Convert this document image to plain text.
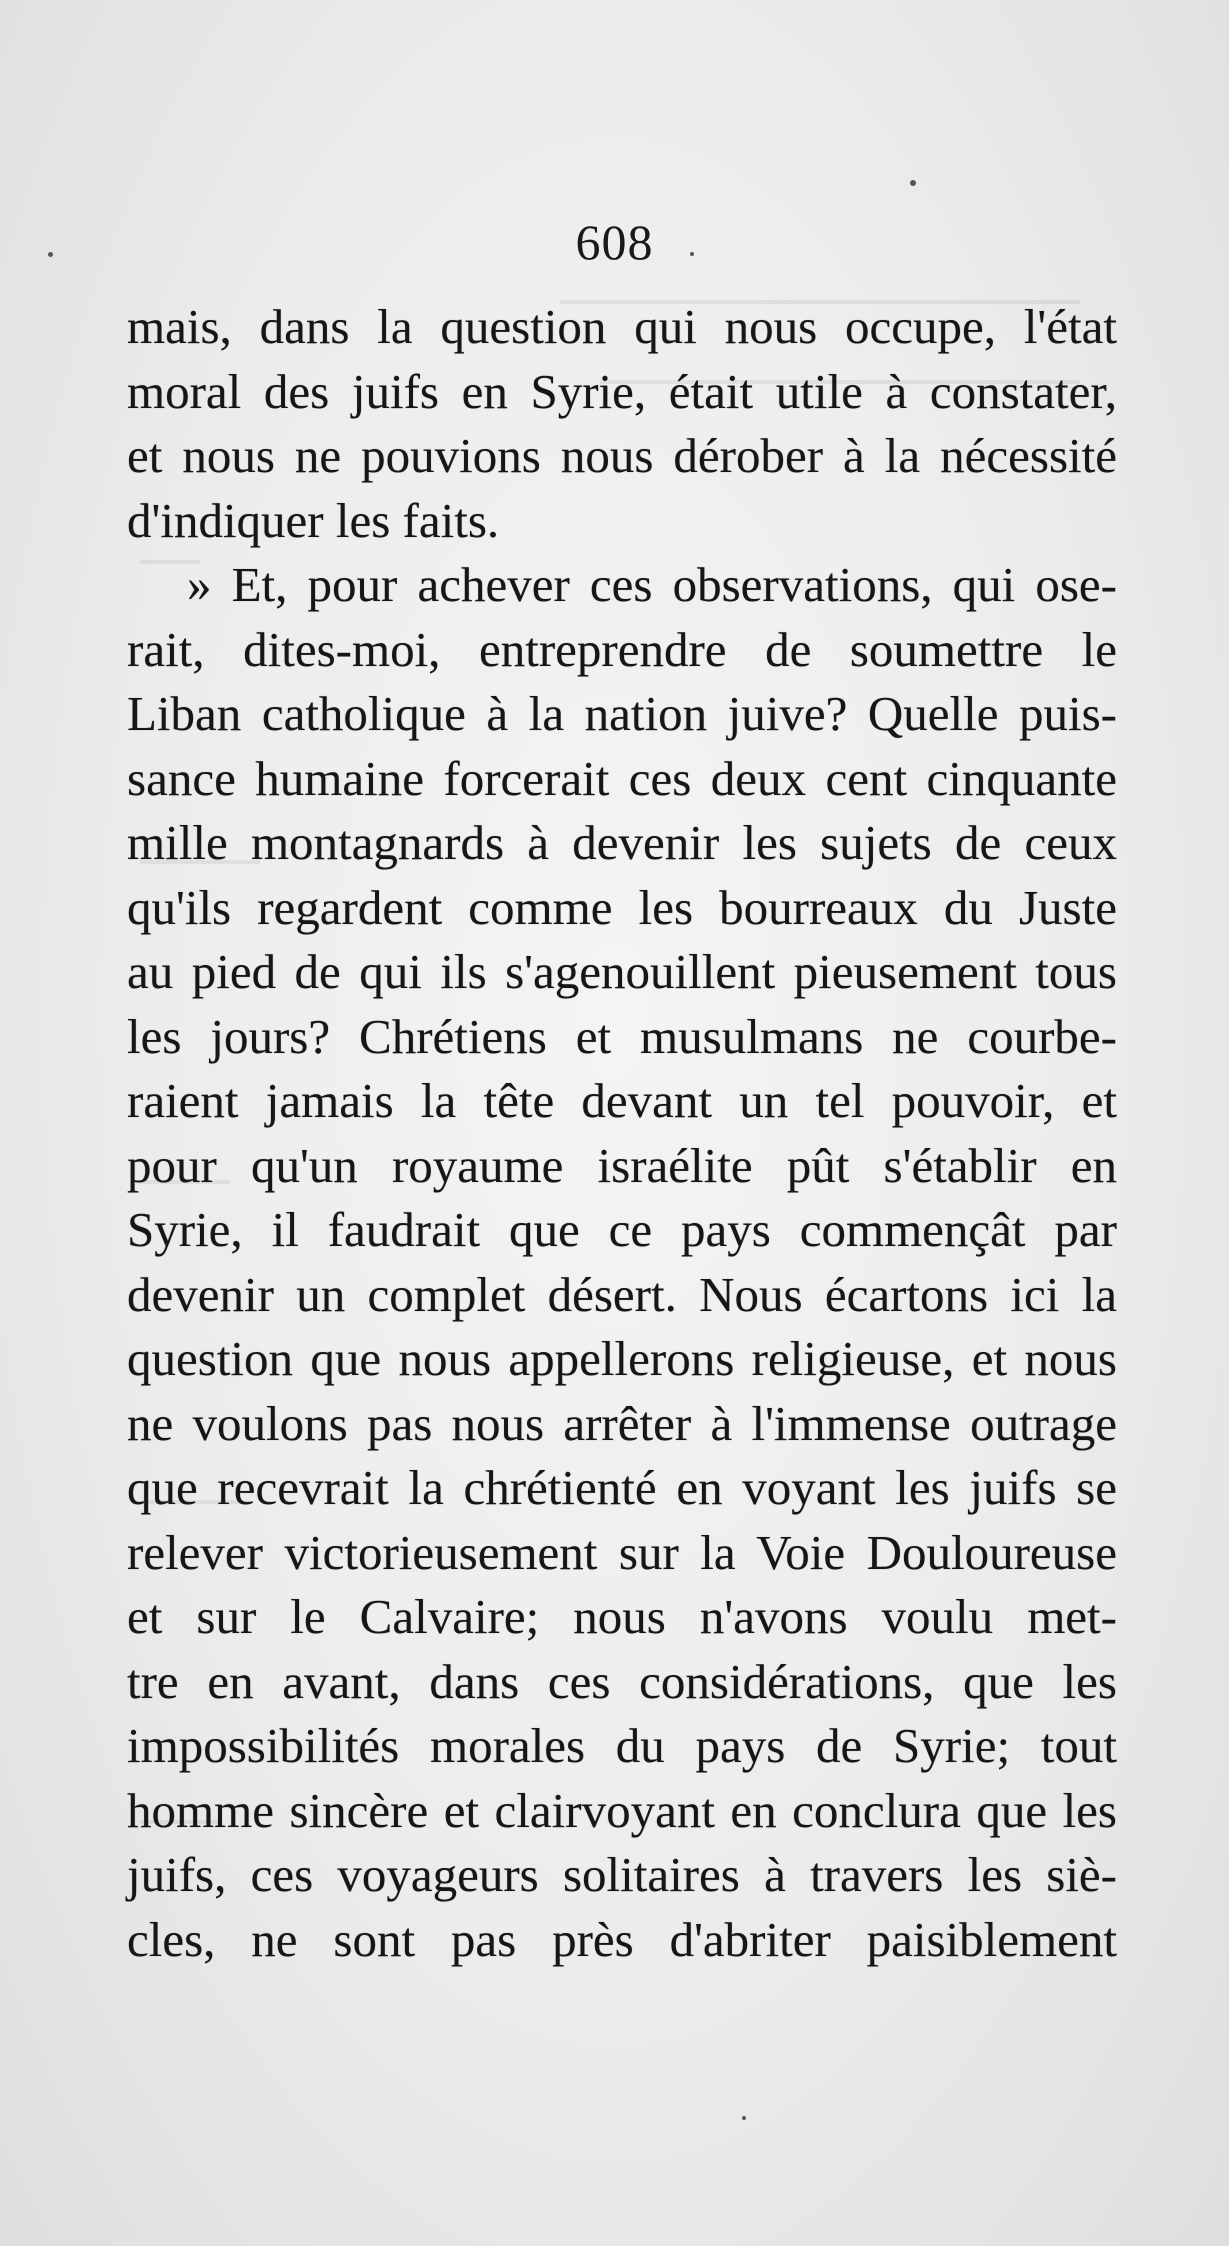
608
mais, dans la question qui nous occupe, l'état
moral des juifs en Syrie, était utile à constater,
et nous ne pouvions nous dérober à la nécessité
d'indiquer les faits.
» Et, pour achever ces observations, qui ose-
rait, dites-moi, entreprendre de soumettre le
Liban catholique à la nation juive? Quelle puis-
sance humaine forcerait ces deux cent cinquante
mille montagnards à devenir les sujets de ceux
qu'ils regardent comme les bourreaux du Juste
au pied de qui ils s'agenouillent pieusement tous
les jours? Chrétiens et musulmans ne courbe-
raient jamais la tête devant un tel pouvoir, et
pour qu'un royaume israélite pût s'établir en
Syrie, il faudrait que ce pays commençât par
devenir un complet désert. Nous écartons ici la
question que nous appellerons religieuse, et nous
ne voulons pas nous arrêter à l'immense outrage
que recevrait la chrétienté en voyant les juifs se
relever victorieusement sur la Voie Douloureuse
et sur le Calvaire; nous n'avons voulu met-
tre en avant, dans ces considérations, que les
impossibilités morales du pays de Syrie; tout
homme sincère et clairvoyant en conclura que les
juifs, ces voyageurs solitaires à travers les siè-
cles, ne sont pas près d'abriter paisiblement
